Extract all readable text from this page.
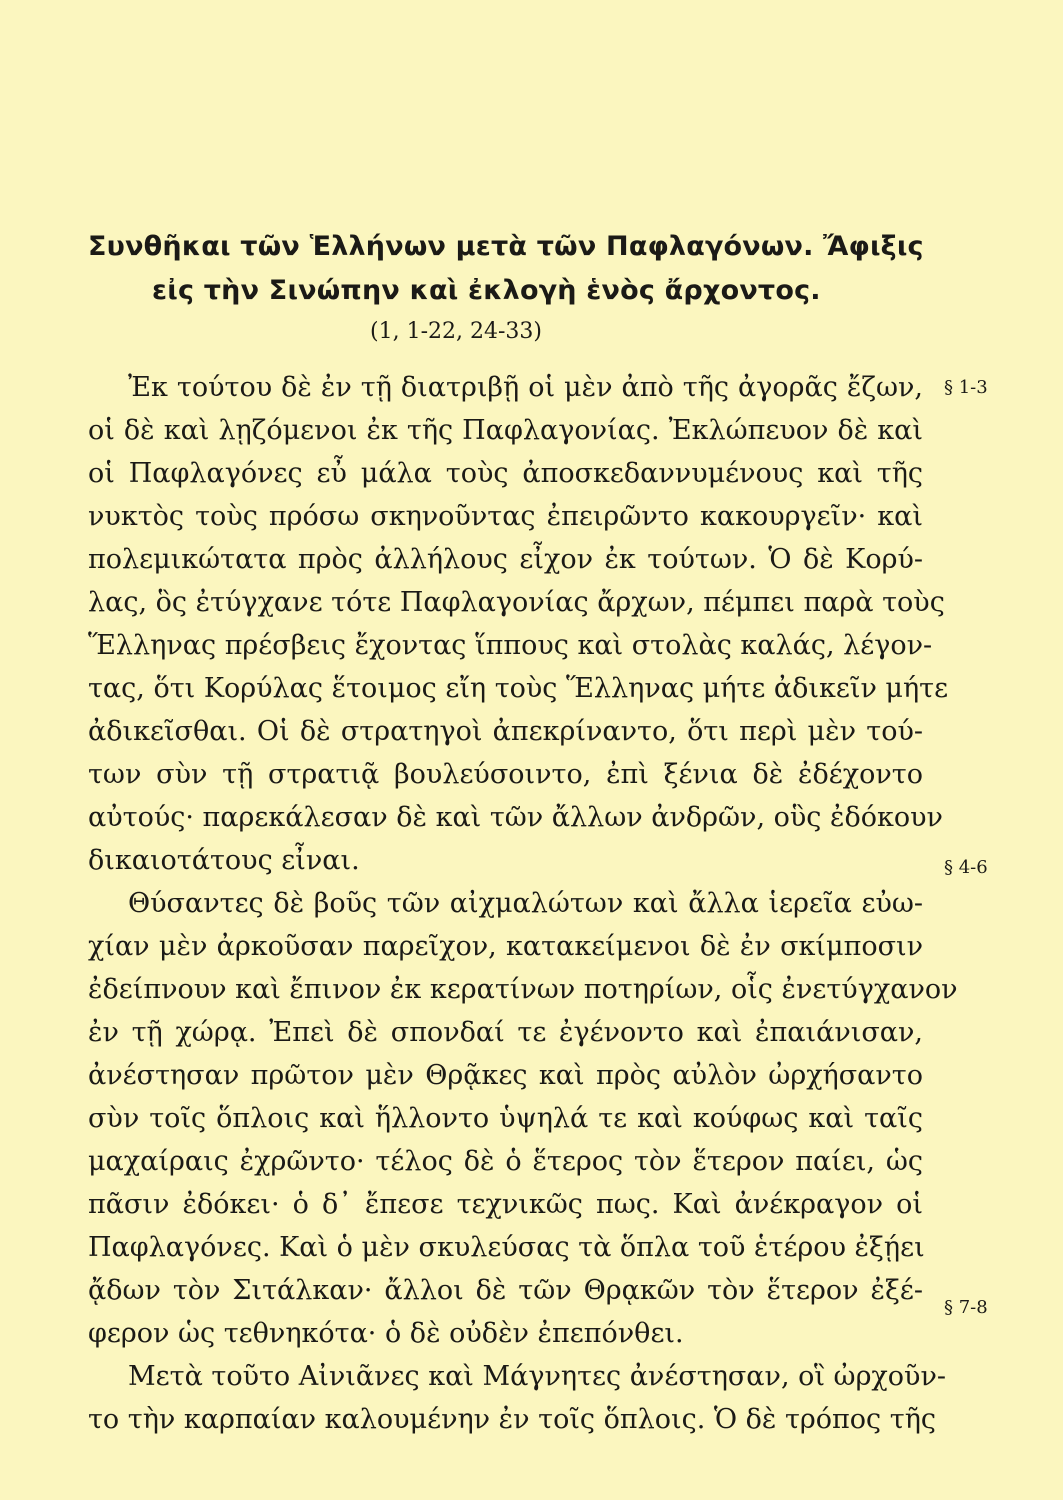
Συνθῆκαι τῶν Ἑλλήνων μετὰ τῶν Παφλαγόνων. Ἄφιξις
εἰς τὴν Σινώπην καὶ ἐκλογὴ ἑνὸς ἄρχοντος.
(1, 1-22, 24-33)
§ 1-3
§ 4-6
§ 7-8
Ἐκ τούτου δὲ ἐν τῇ διατριβῇ οἱ μὲν ἀπὸ τῆς ἀγορᾶς ἔζων,
οἱ δὲ καὶ λῃζόμενοι ἐκ τῆς Παφλαγονίας. Ἐκλώπευον δὲ καὶ
οἱ Παφλαγόνες εὖ μάλα τοὺς ἀποσκεδαννυμένους καὶ τῆς
νυκτὸς τοὺς πρόσω σκηνοῦντας ἐπειρῶντο κακουργεῖν· καὶ
πολεμικώτατα πρὸς ἀλλήλους εἶχον ἐκ τούτων. Ὁ δὲ Κορύ-
λας, ὃς ἐτύγχανε τότε Παφλαγονίας ἄρχων, πέμπει παρὰ τοὺς
Ἕλληνας πρέσβεις ἔχοντας ἵππους καὶ στολὰς καλάς, λέγον-
τας, ὅτι Κορύλας ἕτοιμος εἴη τοὺς Ἕλληνας μήτε ἀδικεῖν μήτε
ἀδικεῖσθαι. Οἱ δὲ στρατηγοὶ ἀπεκρίναντο, ὅτι περὶ μὲν τού-
των σὺν τῇ στρατιᾷ βουλεύσοιντο, ἐπὶ ξένια δὲ ἐδέχοντο
αὐτούς· παρεκάλεσαν δὲ καὶ τῶν ἄλλων ἀνδρῶν, οὓς ἐδόκουν
δικαιοτάτους εἶναι.
Θύσαντες δὲ βοῦς τῶν αἰχμαλώτων καὶ ἄλλα ἱερεῖα εὐω-
χίαν μὲν ἀρκοῦσαν παρεῖχον, κατακείμενοι δὲ ἐν σκίμποσιν
ἐδείπνουν καὶ ἔπινον ἐκ κερατίνων ποτηρίων, οἷς ἐνετύγχανον
ἐν τῇ χώρᾳ. Ἐπεὶ δὲ σπονδαί τε ἐγένοντο καὶ ἐπαιάνισαν,
ἀνέστησαν πρῶτον μὲν Θρᾷκες καὶ πρὸς αὐλὸν ὠρχήσαντο
σὺν τοῖς ὅπλοις καὶ ἥλλοντο ὑψηλά τε καὶ κούφως καὶ ταῖς
μαχαίραις ἐχρῶντο· τέλος δὲ ὁ ἕτερος τὸν ἕτερον παίει, ὡς
πᾶσιν ἐδόκει· ὁ δ᾽ ἔπεσε τεχνικῶς πως. Καὶ ἀνέκραγον οἱ
Παφλαγόνες. Καὶ ὁ μὲν σκυλεύσας τὰ ὅπλα τοῦ ἑτέρου ἐξῄει
ᾄδων τὸν Σιτάλκαν· ἄλλοι δὲ τῶν Θρᾳκῶν τὸν ἕτερον ἐξέ-
φερον ὡς τεθνηκότα· ὁ δὲ οὐδὲν ἐπεπόνθει.
Μετὰ τοῦτο Αἰνιᾶνες καὶ Μάγνητες ἀνέστησαν, οἳ ὠρχοῦν-
το τὴν καρπαίαν καλουμένην ἐν τοῖς ὅπλοις. Ὁ δὲ τρόπος τῆς
